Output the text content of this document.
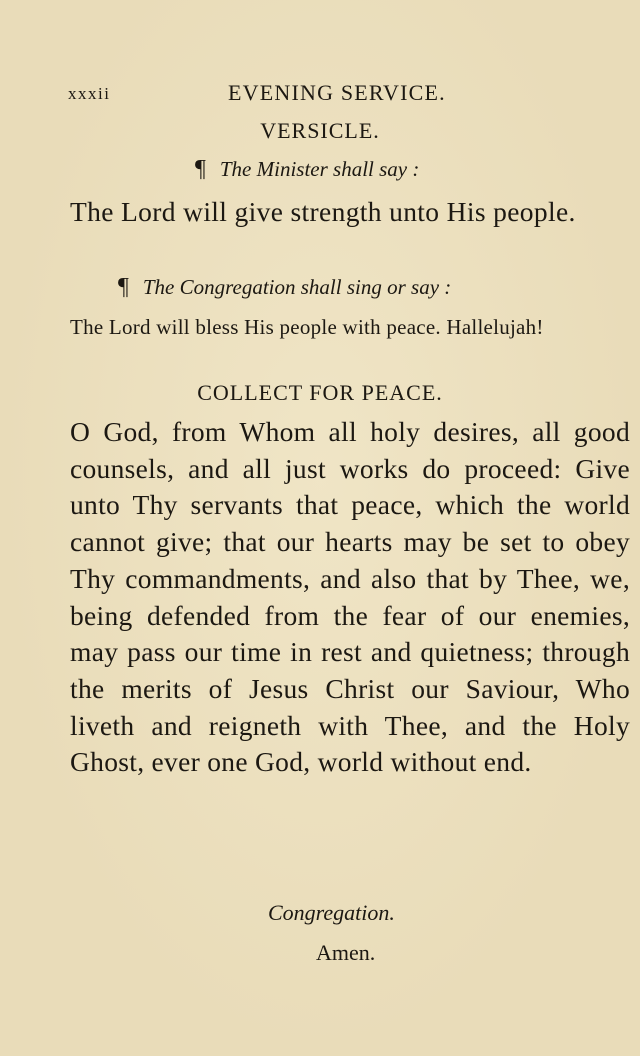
xxxii	EVENING SERVICE.
VERSICLE.
¶ The Minister shall say :
The Lord will give strength unto His people.
¶ The Congregation shall sing or say :
The Lord will bless His people with peace. Hallelujah!
COLLECT FOR PEACE.
O God, from Whom all holy desires, all good counsels, and all just works do proceed: Give unto Thy servants that peace, which the world cannot give; that our hearts may be set to obey Thy commandments, and also that by Thee, we, being defended from the fear of our enemies, may pass our time in rest and quietness; through the merits of Jesus Christ our Saviour, Who liveth and reigneth with Thee, and the Holy Ghost, ever one God, world without end.
Congregation.
Amen.
